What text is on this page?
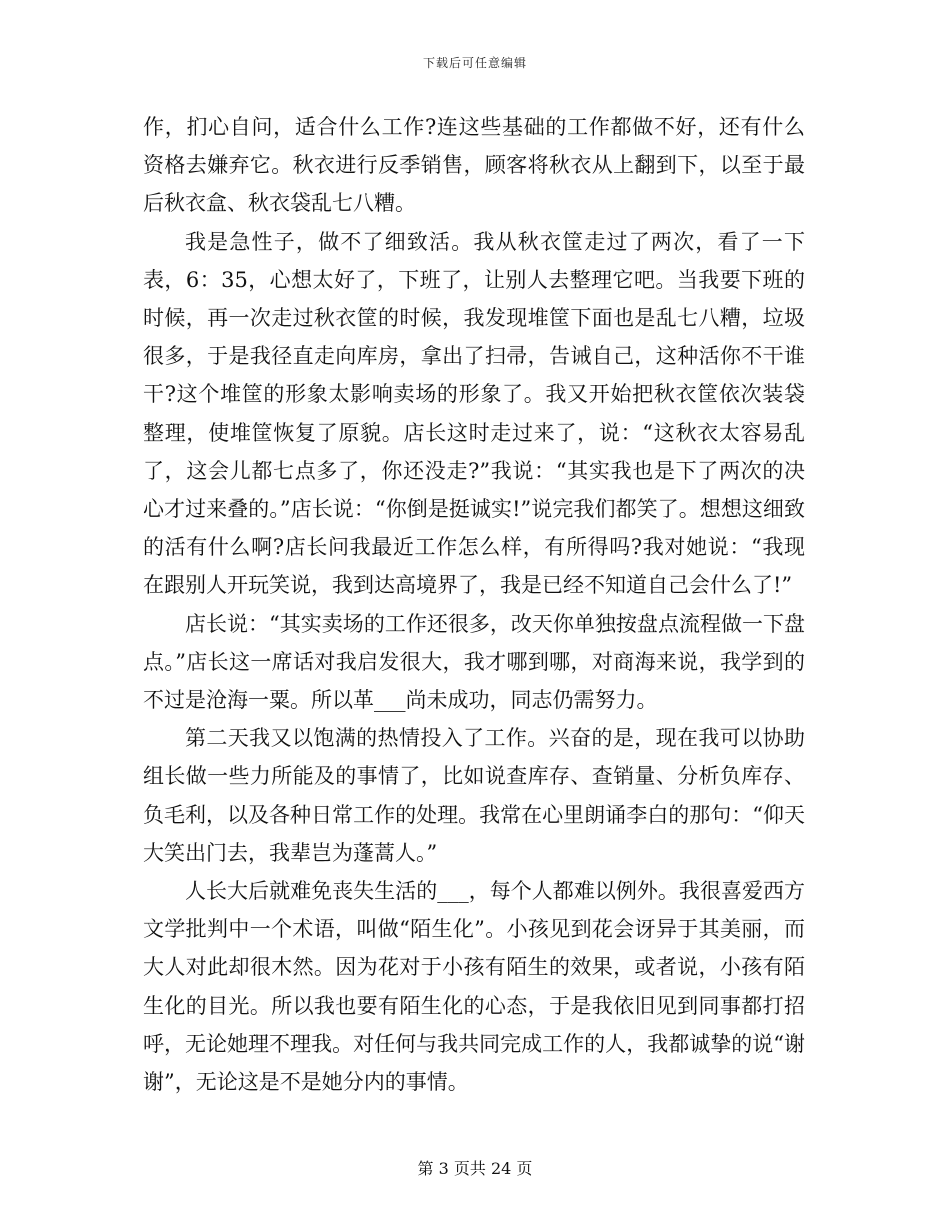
下载后可任意编辑

作，扪心自问，适合什么工作?连这些基础的工作都做不好，还有什么资格去嫌弃它。秋衣进行反季销售，顾客将秋衣从上翻到下，以至于最后秋衣盒、秋衣袋乱七八糟。

我是急性子，做不了细致活。我从秋衣筐走过了两次，看了一下表，6：35，心想太好了，下班了，让别人去整理它吧。当我要下班的时候，再一次走过秋衣筐的时候，我发现堆筐下面也是乱七八糟，垃圾很多，于是我径直走向库房，拿出了扫帚，告诫自己，这种活你不干谁干?这个堆筐的形象太影响卖场的形象了。我又开始把秋衣筐依次装袋整理，使堆筐恢复了原貌。店长这时走过来了，说：“这秋衣太容易乱了，这会儿都七点多了，你还没走?”我说：“其实我也是下了两次的决心才过来叠的。”店长说：“你倒是挺诚实!”说完我们都笑了。想想这细致的活有什么啊?店长问我最近工作怎么样，有所得吗?我对她说：“我现在跟别人开玩笑说，我到达高境界了，我是已经不知道自己会什么了!”

店长说：“其实卖场的工作还很多，改天你单独按盘点流程做一下盘点。”店长这一席话对我启发很大，我才哪到哪，对商海来说，我学到的不过是沧海一粟。所以革___尚未成功，同志仍需努力。

第二天我又以饱满的热情投入了工作。兴奋的是，现在我可以协助组长做一些力所能及的事情了，比如说查库存、查销量、分析负库存、负毛利，以及各种日常工作的处理。我常在心里朗诵李白的那句：“仰天大笑出门去，我辈岂为蓬蒿人。”

人长大后就难免丧失生活的___，每个人都难以例外。我很喜爱西方文学批判中一个术语，叫做“陌生化”。小孩见到花会讶异于其美丽，而大人对此却很木然。因为花对于小孩有陌生的效果，或者说，小孩有陌生化的目光。所以我也要有陌生化的心态，于是我依旧见到同事都打招呼，无论她理不理我。对任何与我共同完成工作的人，我都诚挚的说“谢谢”，无论这是不是她分内的事情。

第 3 页共 24 页
